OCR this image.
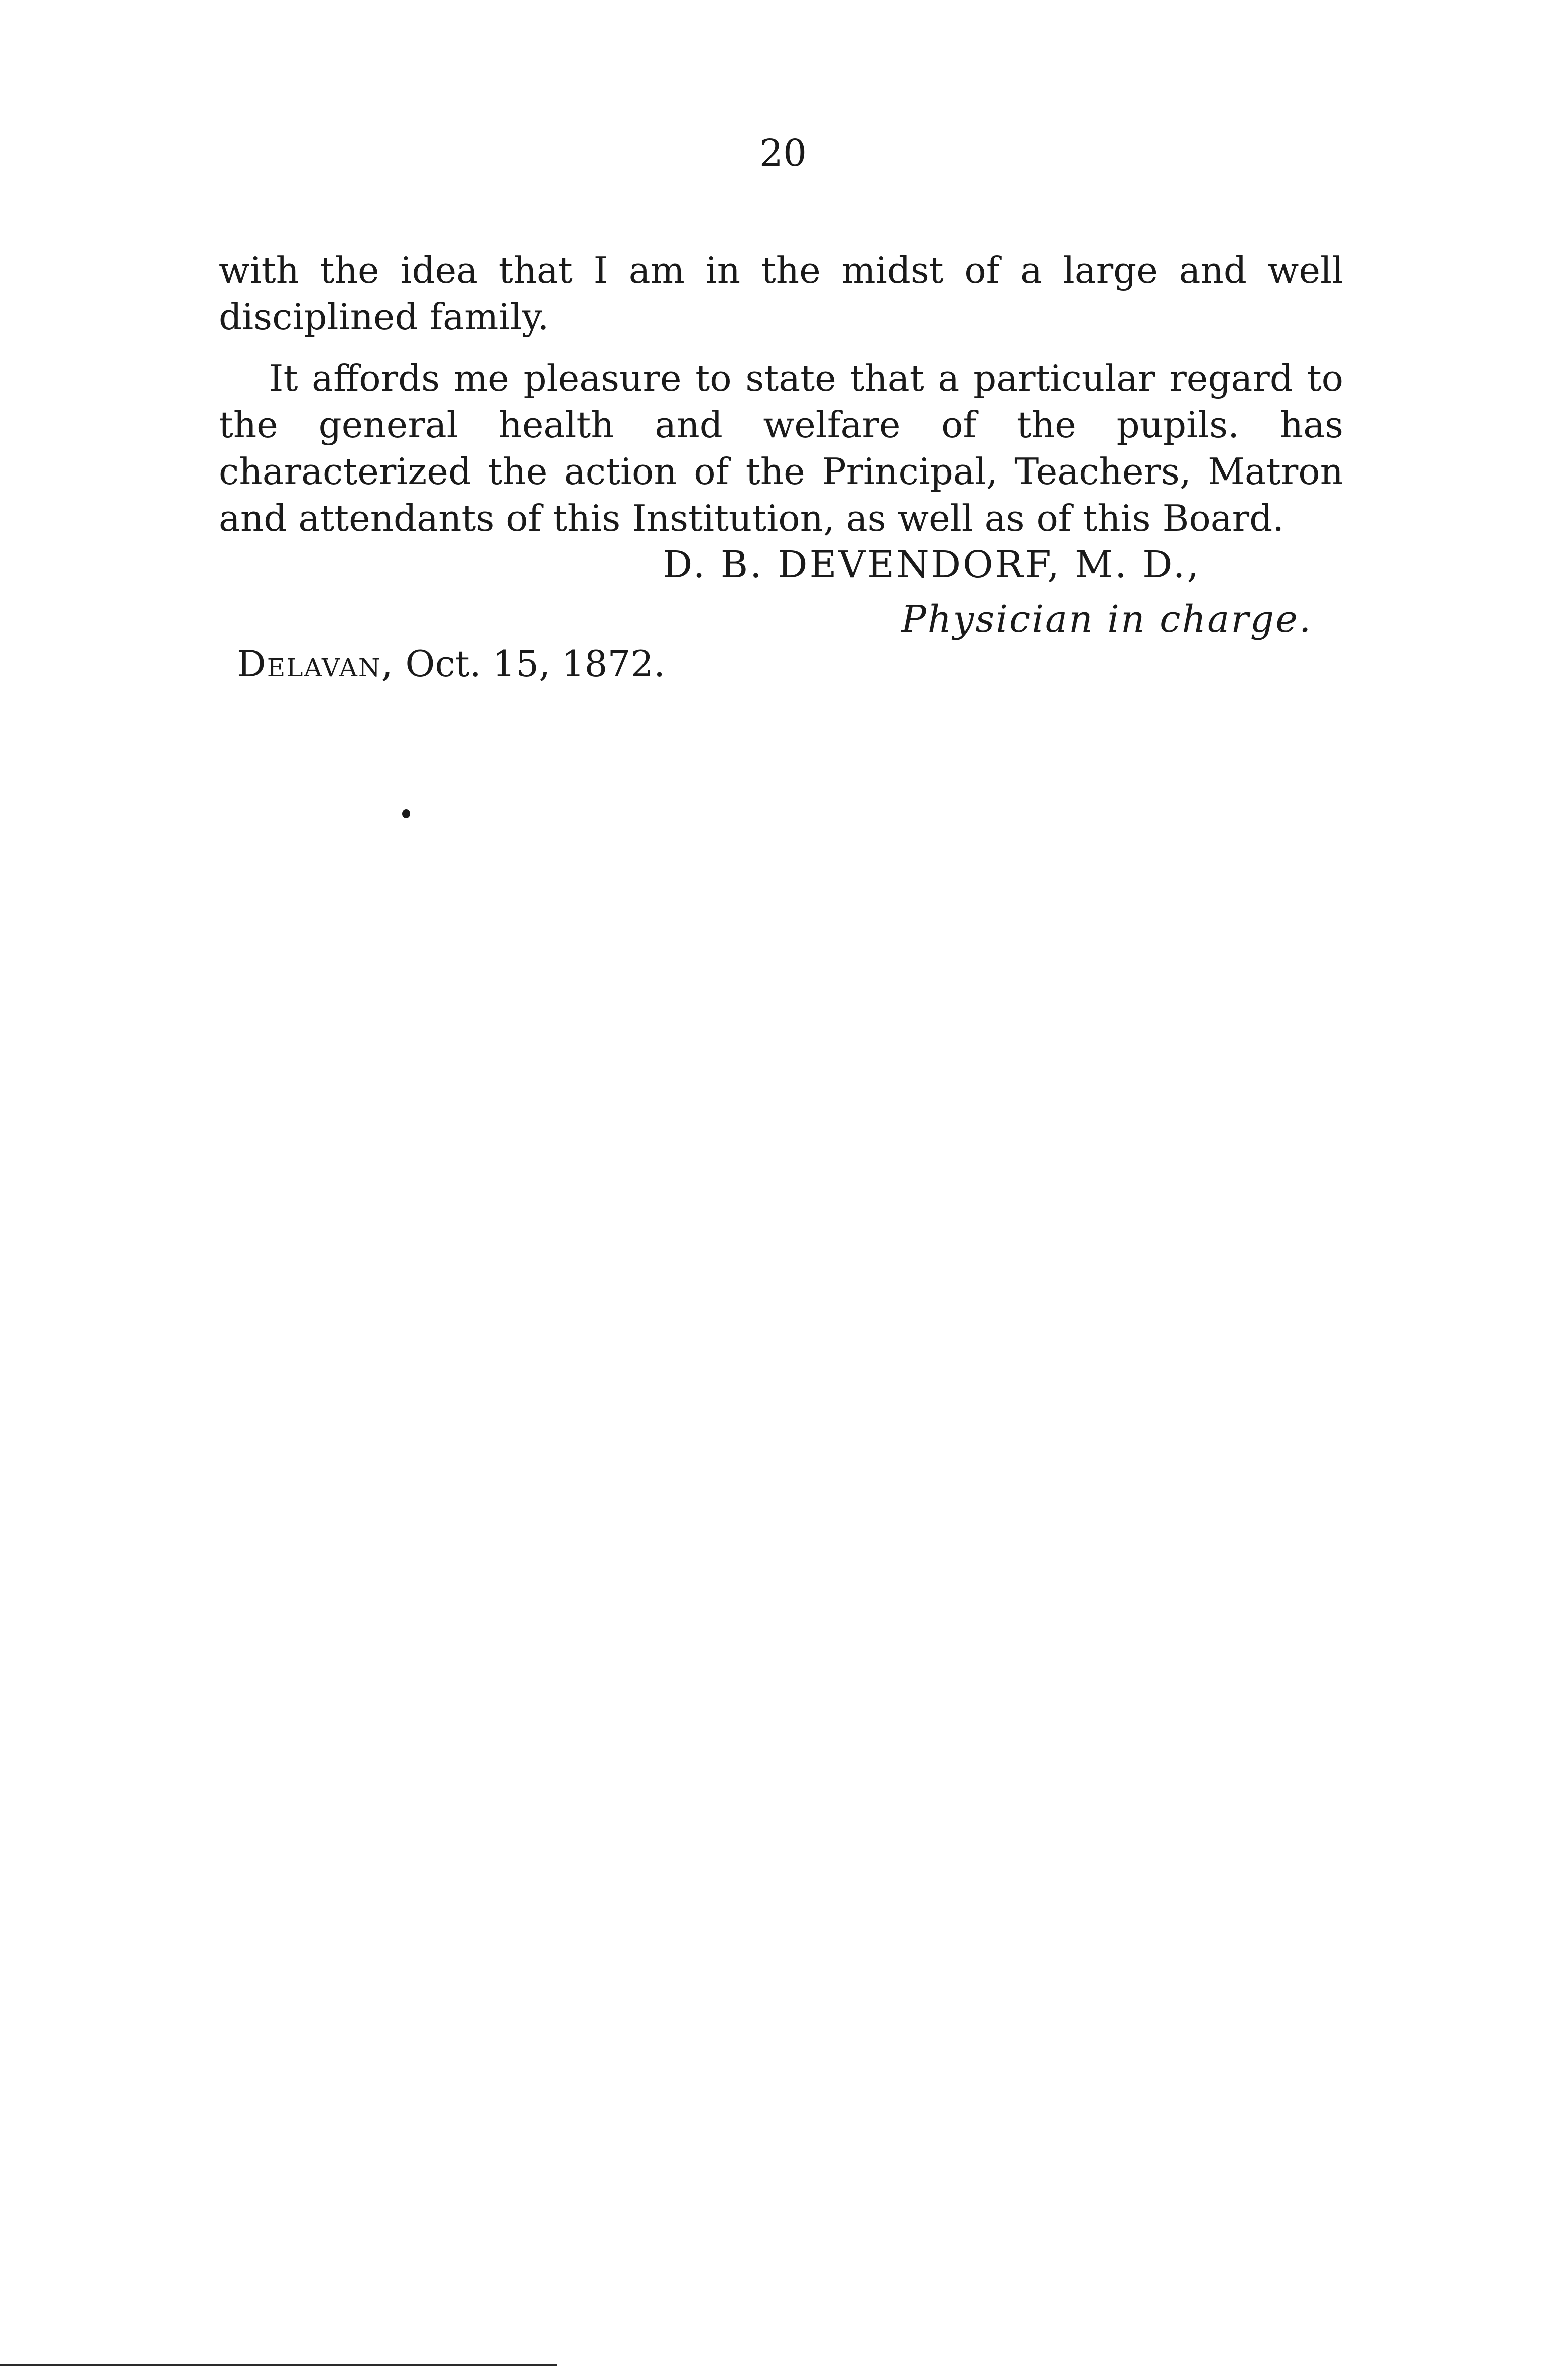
20

with the idea that I am in the midst of a large and well disciplined family.

It affords me pleasure to state that a particular regard to the general health and welfare of the pupils. has characterized the action of the Principal, Teachers, Matron and attendants of this Institution, as well as of this Board.

D. B. DEVENDORF, M. D.,
Physician in charge.
Delavan, Oct. 15, 1872.
